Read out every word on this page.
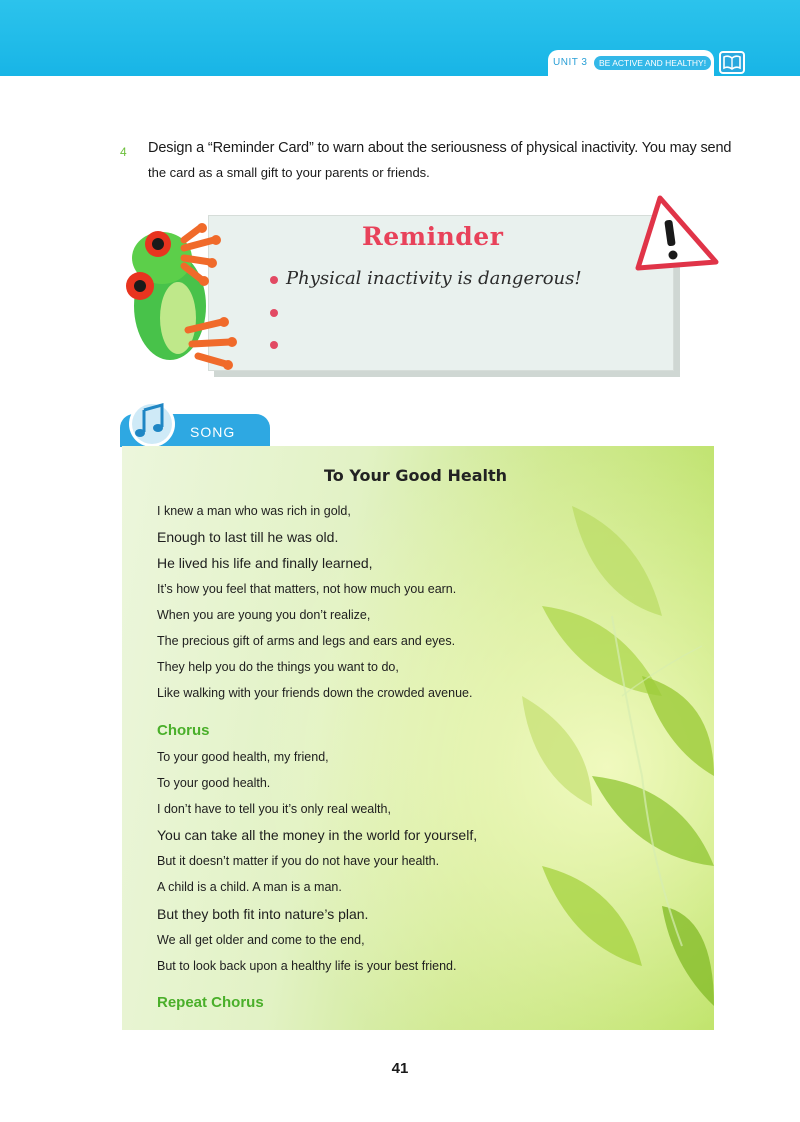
UNIT 3	BE ACTIVE AND HEALTHY!
4 Design a “Reminder Card” to warn about the seriousness of physical inactivity. You may send
the card as a small gift to your parents or friends.
Reminder
Physical inactivity is dangerous!
SONG
To Your Good Health
I knew a man who was rich in gold,
Enough to last till he was old.
He lived his life and finally learned,
It’s how you feel that matters, not how much you earn.
When you are young you don’t realize,
The precious gift of arms and legs and ears and eyes.
They help you do the things you want to do,
Like walking with your friends down the crowded avenue.
Chorus
To your good health, my friend,
To your good health.
I don’t have to tell you it’s only real wealth,
You can take all the money in the world for yourself,
But it doesn’t matter if you do not have your health.
A child is a child. A man is a man.
But they both fit into nature’s plan.
We all get older and come to the end,
But to look back upon a healthy life is your best friend.
Repeat Chorus
41
